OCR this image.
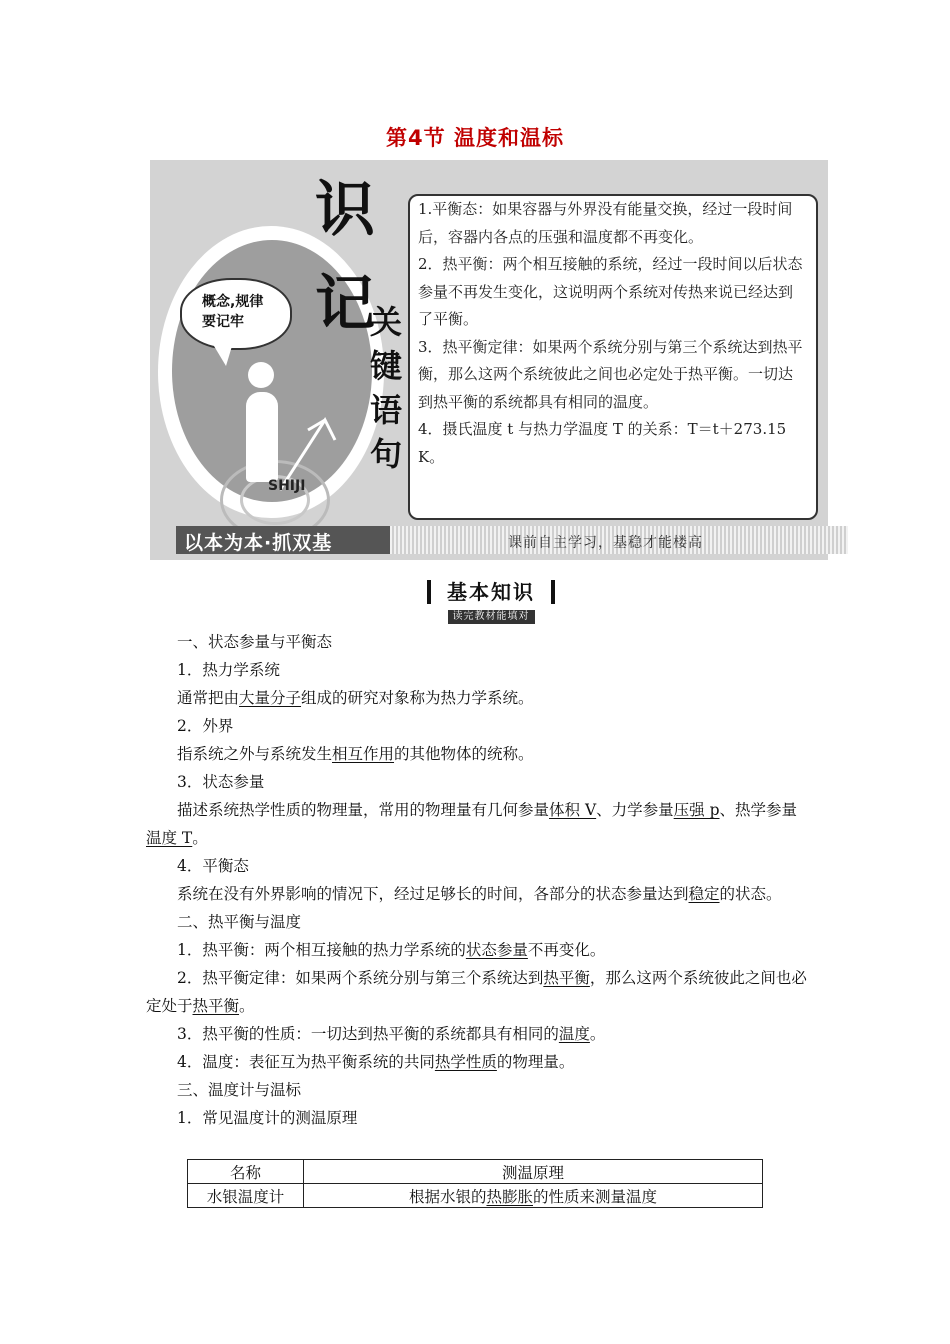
第4节 温度和温标
概念,规律
要记牢
SHIJI
识
记
关
键
语
句

1.平衡态：如果容器与外界没有能量交换，经过一段时间后，容器内各点的压强和温度都不再变化。

2．热平衡：两个相互接触的系统，经过一段时间以后状态参量不再发生变化，这说明两个系统对传热来说已经达到了平衡。

3．热平衡定律：如果两个系统分别与第三个系统达到热平衡，那么这两个系统彼此之间也必定处于热平衡。一切达到热平衡的系统都具有相同的温度。

4．摄氏温度 t 与热力学温度 T 的关系：T＝t＋273.15 K。

以本为本·抓双基	课前自主学习，基稳才能楼高
基本知识
读完教材能填对

一、状态参量与平衡态

1．热力学系统

通常把由大量分子组成的研究对象称为热力学系统。

2．外界

指系统之外与系统发生相互作用的其他物体的统称。

3．状态参量

描述系统热学性质的物理量，常用的物理量有几何参量体积 V、力学参量压强 p、热学参量温度 T。

4．平衡态

系统在没有外界影响的情况下，经过足够长的时间，各部分的状态参量达到稳定的状态。

二、热平衡与温度

1．热平衡：两个相互接触的热力学系统的状态参量不再变化。

2．热平衡定律：如果两个系统分别与第三个系统达到热平衡，那么这两个系统彼此之间也必定处于热平衡。

3．热平衡的性质：一切达到热平衡的系统都具有相同的温度。

4．温度：表征互为热平衡系统的共同热学性质的物理量。

三、温度计与温标

1．常见温度计的测温原理

名称	测温原理
水银温度计	根据水银的热膨胀的性质来测量温度
